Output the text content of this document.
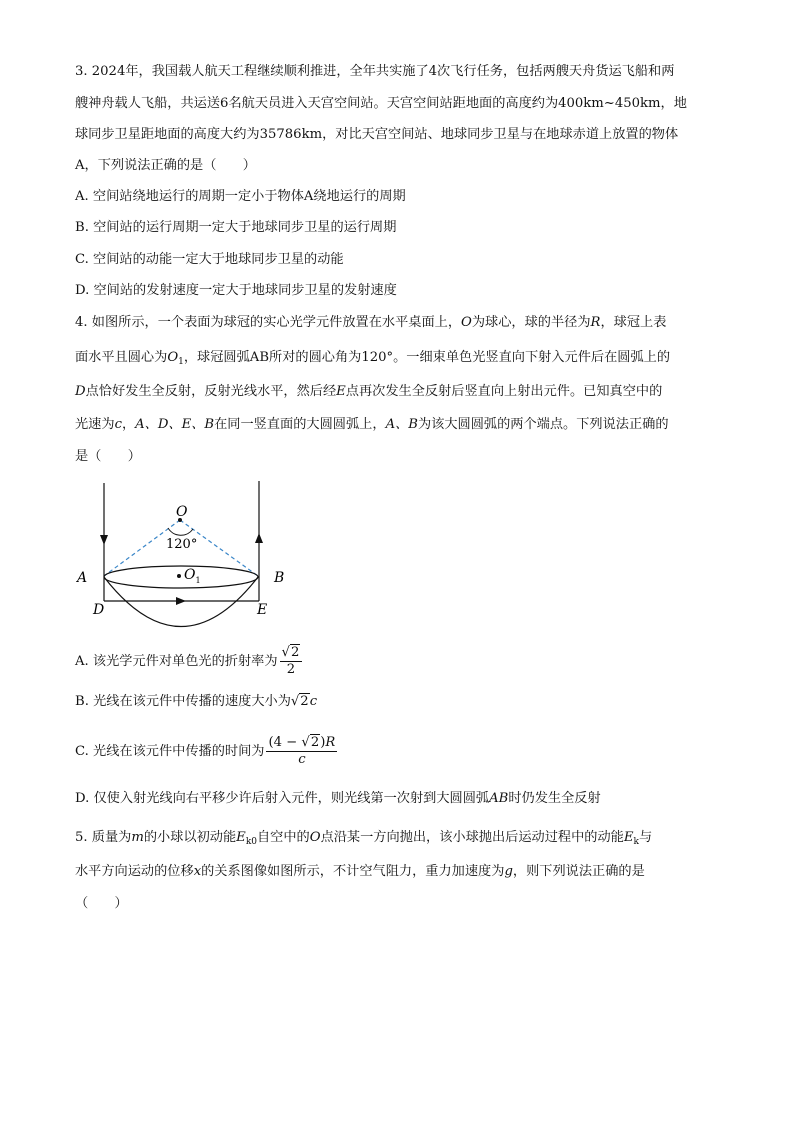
3. 2024年，我国载人航天工程继续顺利推进，全年共实施了4次飞行任务，包括两艘天舟货运飞船和两
艘神舟载人飞船，共运送6名航天员进入天宫空间站。天宫空间站距地面的高度约为400km~450km，地
球同步卫星距地面的高度大约为35786km，对比天宫空间站、地球同步卫星与在地球赤道上放置的物体
A，下列说法正确的是（　　）
A. 空间站绕地运行的周期一定小于物体A绕地运行的周期
B. 空间站的运行周期一定大于地球同步卫星的运行周期
C. 空间站的动能一定大于地球同步卫星的动能
D. 空间站的发射速度一定大于地球同步卫星的发射速度
4. 如图所示，一个表面为球冠的实心光学元件放置在水平桌面上，O为球心，球的半径为R，球冠上表
面水平且圆心为$O_1$，球冠圆弧AB所对的圆心角为120°。一细束单色光竖直向下射入元件后在圆弧上的
D点恰好发生全反射，反射光线水平，然后经E点再次发生全反射后竖直向上射出元件。已知真空中的
光速为c，A、D、E、B在同一竖直面的大圆圆弧上，A、B为该大圆圆弧的两个端点。下列说法正确的
是（　　）
O
120°
$O_1$
A	B
D	E
A. 该光学元件对单色光的折射率为 $\frac{√2}{2}$
B. 光线在该元件中传播的速度大小为√2c
C. 光线在该元件中传播的时间为 $\frac{(4 - √2)R}{c}$
D. 仅使入射光线向右平移少许后射入元件，则光线第一次射到大圆圆弧AB时仍发生全反射
5. 质量为m的小球以初动能$E_{k0}$自空中的O点沿某一方向抛出，该小球抛出后运动过程中的动能$E_k$与
水平方向运动的位移x的关系图像如图所示，不计空气阻力，重力加速度为g，则下列说法正确的是
（　　）
